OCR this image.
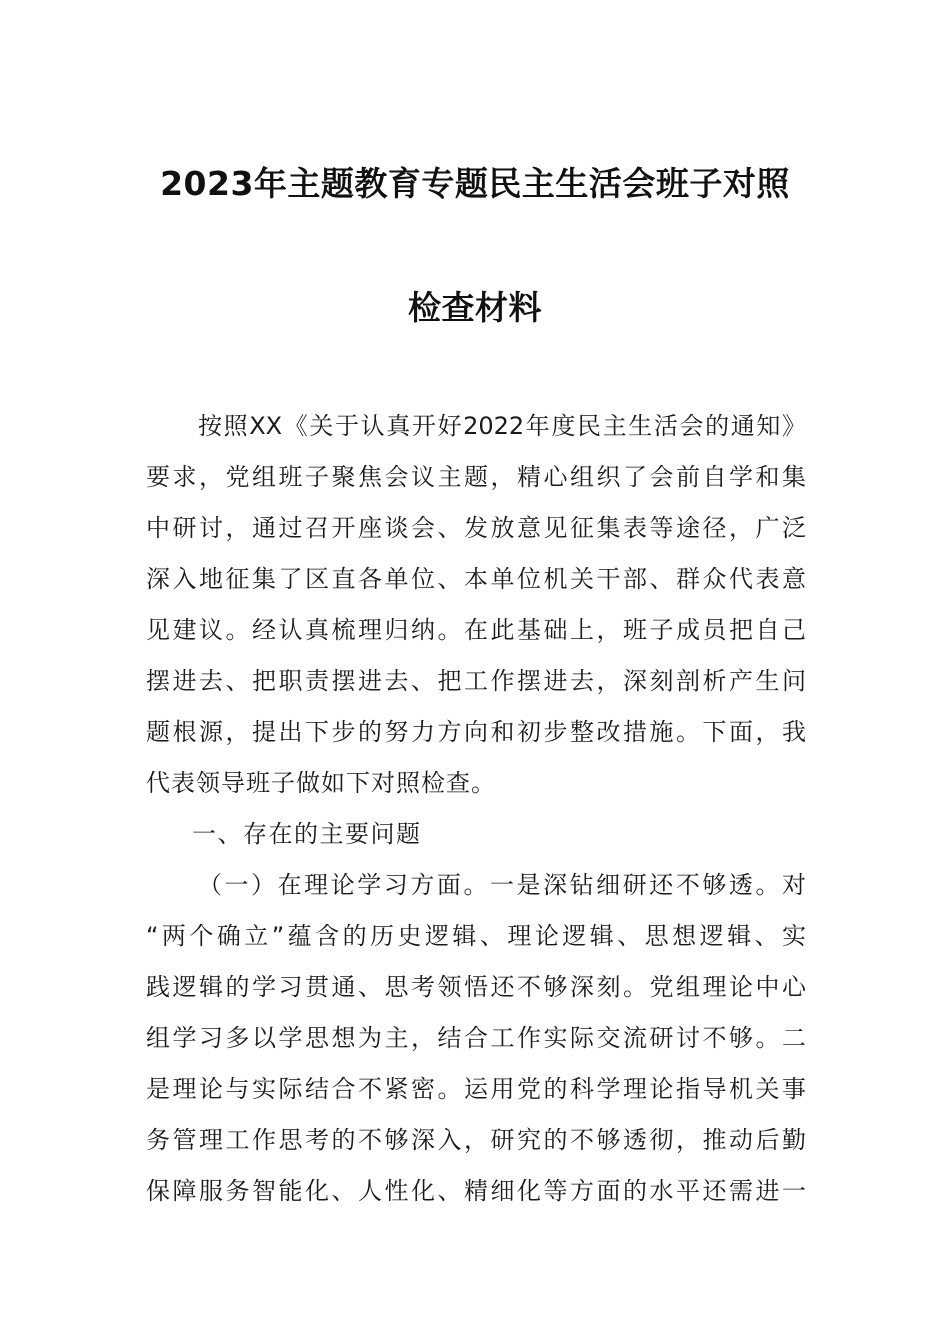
2023年主题教育专题民主生活会班子对照
检查材料
按照XX《关于认真开好2022年度民主生活会的通知》
要求，党组班子聚焦会议主题，精心组织了会前自学和集
中研讨，通过召开座谈会、发放意见征集表等途径，广泛
深入地征集了区直各单位、本单位机关干部、群众代表意
见建议。经认真梳理归纳。在此基础上，班子成员把自己
摆进去、把职责摆进去、把工作摆进去，深刻剖析产生问
题根源，提出下步的努力方向和初步整改措施。下面，我
代表领导班子做如下对照检查。
一、存在的主要问题
（一）在理论学习方面。一是深钻细研还不够透。对
“两个确立”蕴含的历史逻辑、理论逻辑、思想逻辑、实
践逻辑的学习贯通、思考领悟还不够深刻。党组理论中心
组学习多以学思想为主，结合工作实际交流研讨不够。二
是理论与实际结合不紧密。运用党的科学理论指导机关事
务管理工作思考的不够深入，研究的不够透彻，推动后勤
保障服务智能化、人性化、精细化等方面的水平还需进一
